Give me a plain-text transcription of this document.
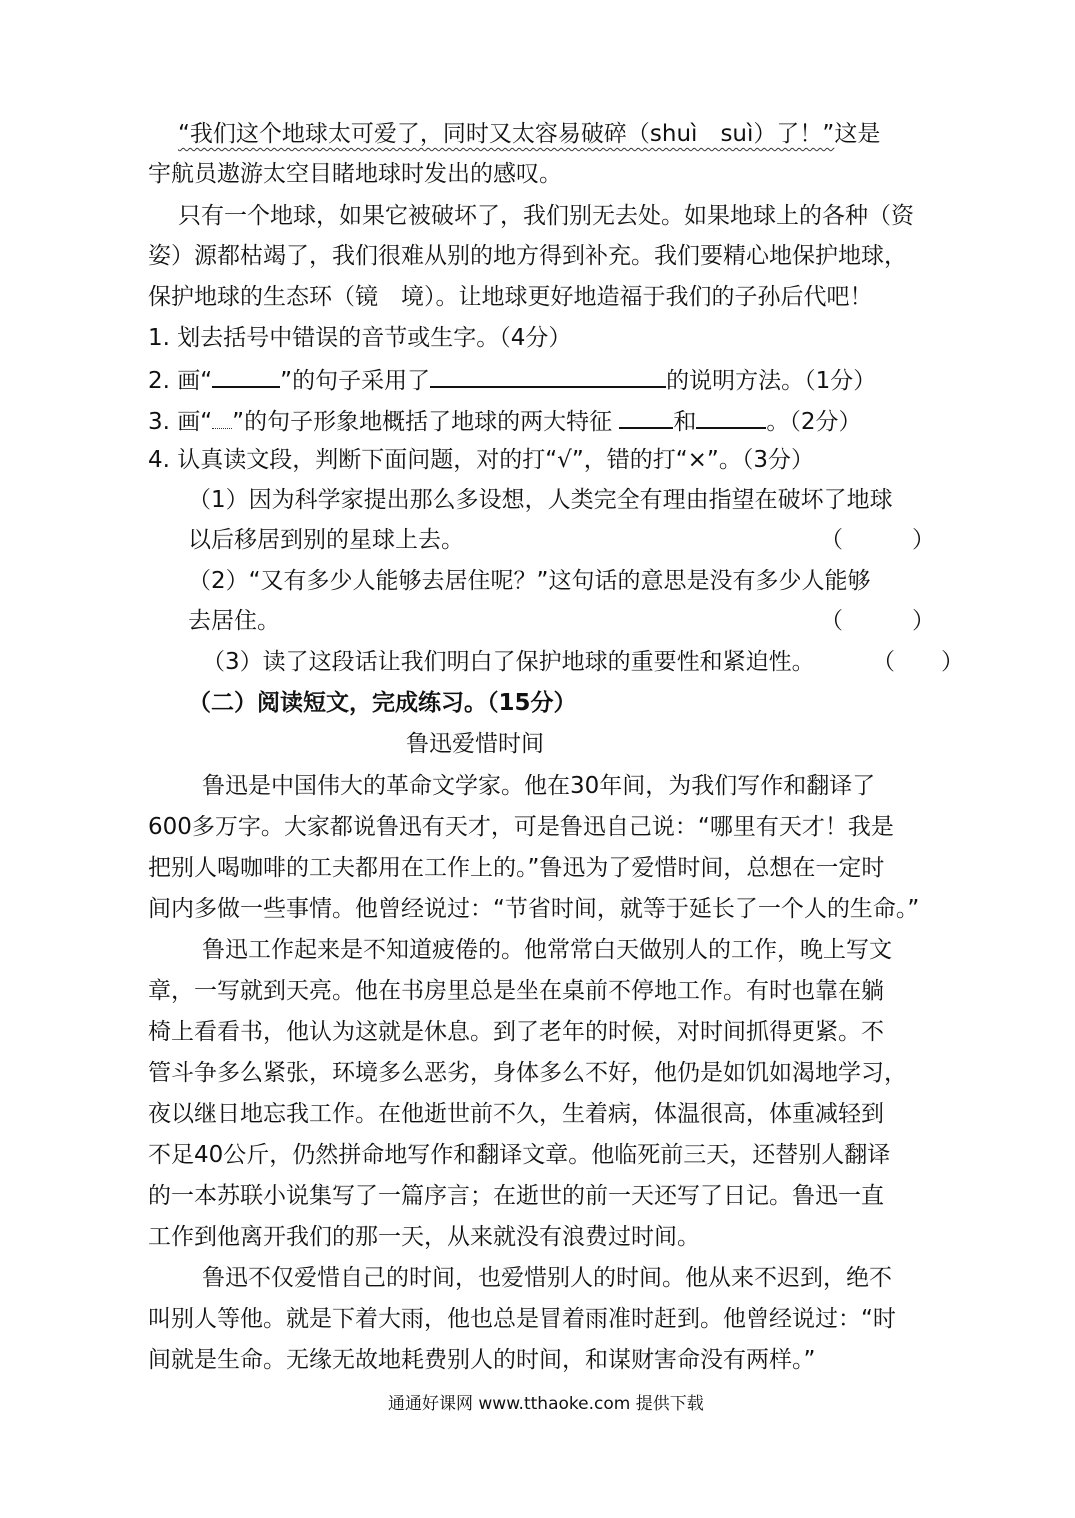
“我们这个地球太可爱了，同时又太容易破碎（shuì　suì）了！”这是
宇航员遨游太空目睹地球时发出的感叹。
只有一个地球，如果它被破坏了，我们别无去处。如果地球上的各种（资
姿）源都枯竭了，我们很难从别的地方得到补充。我们要精心地保护地球，
保护地球的生态环（镜　境）。让地球更好地造福于我们的子孙后代吧！
1. 划去括号中错误的音节或生字。（4分）
2. 画“	”的句子采用了	的说明方法。（1分）
3. 画“ ”的句子形象地概括了地球的两大特征	和	。（2分）
4. 认真读文段，判断下面问题，对的打“√”，错的打“×”。（3分）
（1）因为科学家提出那么多设想，人类完全有理由指望在破坏了地球
以后移居到别的星球上去。	（　　　）
（2）“又有多少人能够去居住呢？”这句话的意思是没有多少人能够
去居住。	（　　　）
（3）读了这段话让我们明白了保护地球的重要性和紧迫性。 （　　）
（二）阅读短文，完成练习。（15分）
鲁迅爱惜时间
鲁迅是中国伟大的革命文学家。他在30年间，为我们写作和翻译了
600多万字。大家都说鲁迅有天才，可是鲁迅自己说：“哪里有天才！我是
把别人喝咖啡的工夫都用在工作上的。”鲁迅为了爱惜时间，总想在一定时
间内多做一些事情。他曾经说过：“节省时间，就等于延长了一个人的生命。”
鲁迅工作起来是不知道疲倦的。他常常白天做别人的工作，晚上写文
章，一写就到天亮。他在书房里总是坐在桌前不停地工作。有时也靠在躺
椅上看看书，他认为这就是休息。到了老年的时候，对时间抓得更紧。不
管斗争多么紧张，环境多么恶劣，身体多么不好，他仍是如饥如渴地学习，
夜以继日地忘我工作。在他逝世前不久，生着病，体温很高，体重减轻到
不足40公斤，仍然拼命地写作和翻译文章。他临死前三天，还替别人翻译
的一本苏联小说集写了一篇序言；在逝世的前一天还写了日记。鲁迅一直
工作到他离开我们的那一天，从来就没有浪费过时间。
鲁迅不仅爱惜自己的时间，也爱惜别人的时间。他从来不迟到，绝不
叫别人等他。就是下着大雨，他也总是冒着雨准时赶到。他曾经说过：“时
间就是生命。无缘无故地耗费别人的时间，和谋财害命没有两样。”
通通好课网 www.tthaoke.com 提供下载
